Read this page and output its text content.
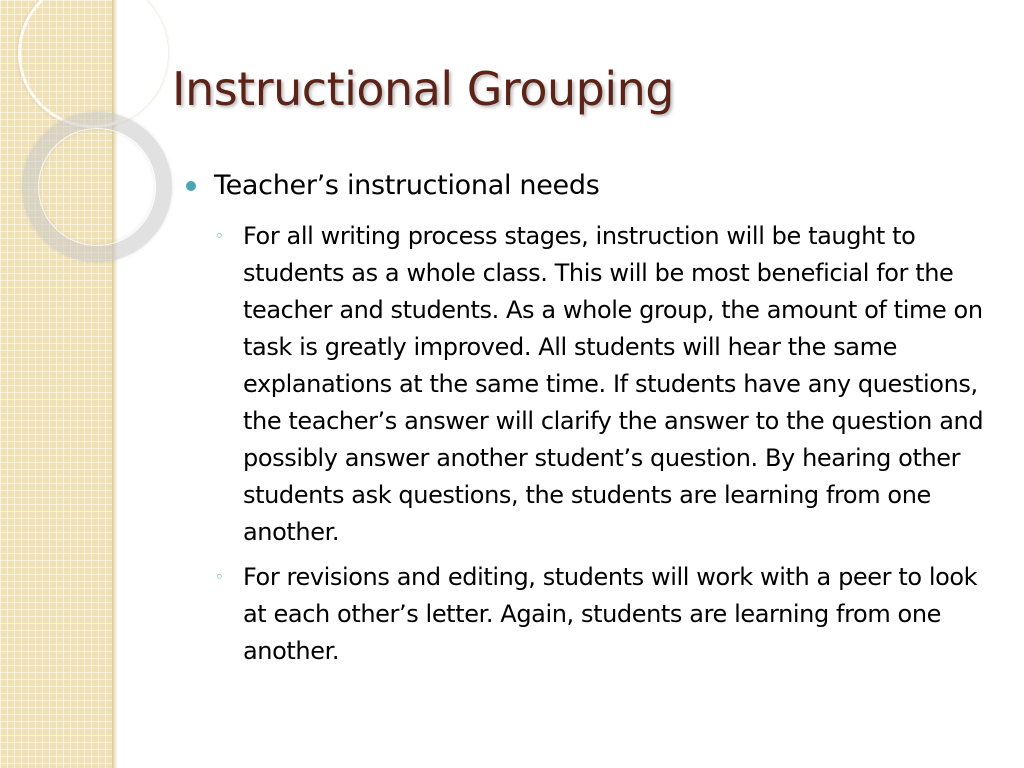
Instructional Grouping
Teacher’s instructional needs
◦ For all writing process stages, instruction will be taught to students as a whole class. This will be most beneficial for the teacher and students. As a whole group, the amount of time on task is greatly improved. All students will hear the same explanations at the same time. If students have any questions, the teacher’s answer will clarify the answer to the question and possibly answer another student’s question. By hearing other students ask questions, the students are learning from one another.
◦ For revisions and editing, students will work with a peer to look at each other’s letter. Again, students are learning from one another.
